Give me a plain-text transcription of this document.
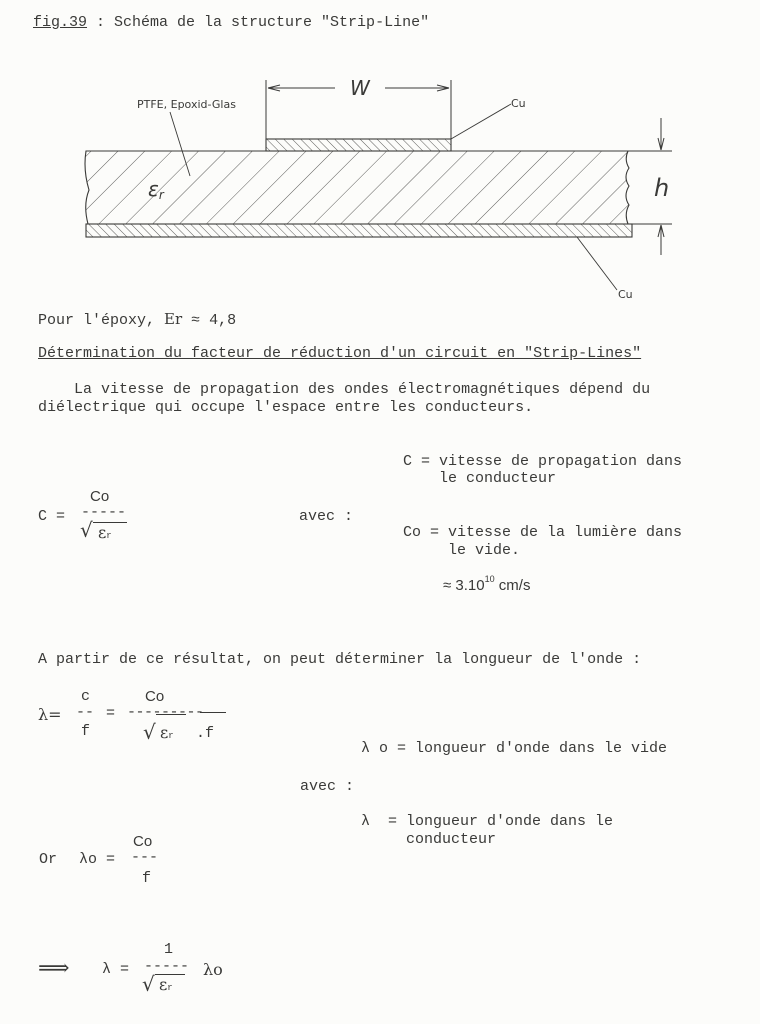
fig.39 : Schéma de la structure "Strip-Line"
W
h
PTFE, Epoxid-Glas
εr
Cu
Cu
Pour l'époxy, Er ≈ 4,8
Détermination du facteur de réduction d'un circuit en "Strip-Lines"
La vitesse de propagation des ondes électromagnétiques dépend du
diélectrique qui occupe l'espace entre les conducteurs.
C =
Co
-----
√ εr
avec :
C = vitesse de propagation dans
le conducteur
Co = vitesse de la lumière dans
le vide.
≈ $3.10^{10}$ cm/s
A partir de ce résultat, on peut déterminer la longueur de l'onde :
λ=
c
--
f
=
Co
---------
√ εr .f
λ o = longueur d'onde dans le vide
avec :
λ  = longueur d'onde dans le
conducteur
Or λo =
Co
---
f
⟹ λ =
1
-----
√ εr
λo
